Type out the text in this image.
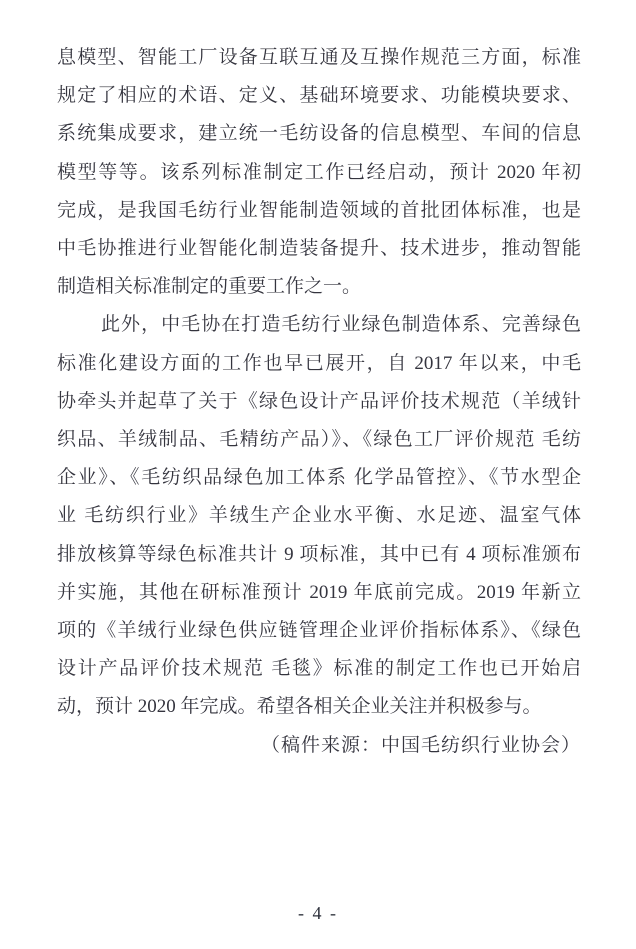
息模型、智能工厂设备互联互通及互操作规范三方面，标准
规定了相应的术语、定义、基础环境要求、功能模块要求、
系统集成要求，建立统一毛纺设备的信息模型、车间的信息
模型等等。该系列标准制定工作已经启动，预计 2020 年初
完成，是我国毛纺行业智能制造领域的首批团体标准，也是
中毛协推进行业智能化制造装备提升、技术进步，推动智能
制造相关标准制定的重要工作之一。
此外，中毛协在打造毛纺行业绿色制造体系、完善绿色
标准化建设方面的工作也早已展开，自 2017 年以来，中毛
协牵头并起草了关于《绿色设计产品评价技术规范（羊绒针
织品、羊绒制品、毛精纺产品）》、《绿色工厂评价规范 毛纺
企业》、《毛纺织品绿色加工体系 化学品管控》、《节水型企
业 毛纺织行业》羊绒生产企业水平衡、水足迹、温室气体
排放核算等绿色标准共计 9 项标准，其中已有 4 项标准颁布
并实施，其他在研标准预计 2019 年底前完成。2019 年新立
项的《羊绒行业绿色供应链管理企业评价指标体系》、《绿色
设计产品评价技术规范 毛毯》标准的制定工作也已开始启
动，预计 2020 年完成。希望各相关企业关注并积极参与。
（稿件来源：中国毛纺织行业协会）
- 4 -
